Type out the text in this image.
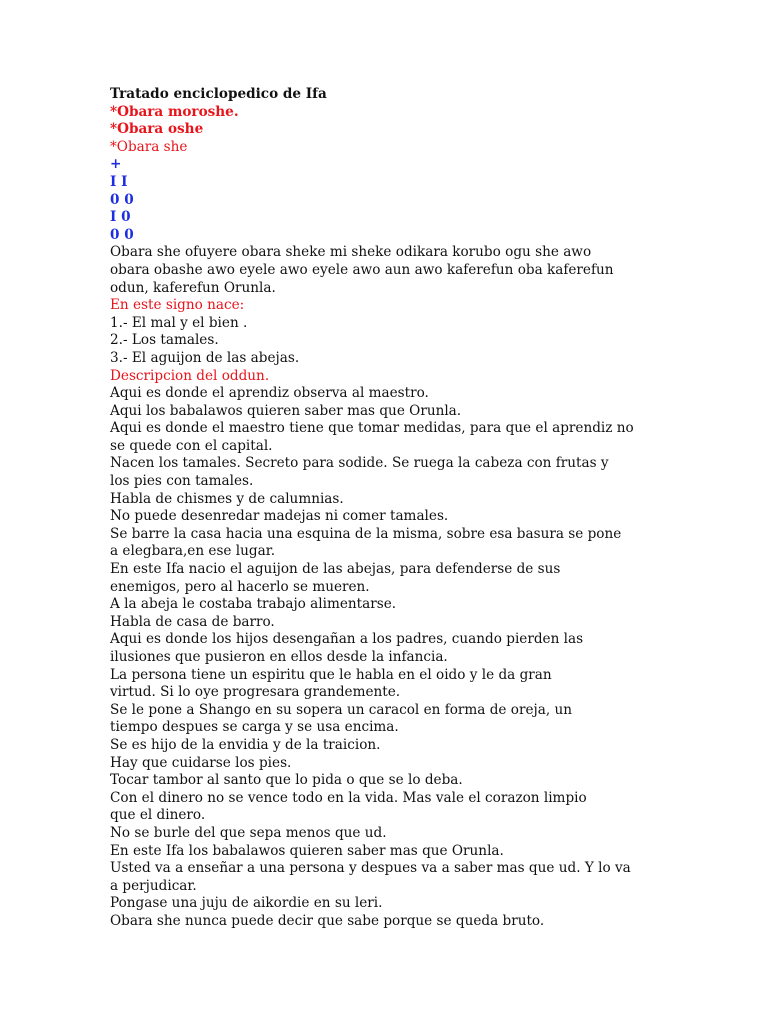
Tratado enciclopedico de Ifa
*Obara moroshe.
*Obara oshe
*Obara she
+
I I
0 0
I 0
0 0
Obara she ofuyere obara sheke mi sheke odikara korubo ogu she awo
obara obashe awo eyele awo eyele awo aun awo kaferefun oba kaferefun
odun, kaferefun Orunla.
En este signo nace:
1.- El mal y el bien .
2.- Los tamales.
3.- El aguijon de las abejas.
Descripcion del oddun.
Aqui es donde el aprendiz observa al maestro.
Aqui los babalawos quieren saber mas que Orunla.
Aqui es donde el maestro tiene que tomar medidas, para que el aprendiz no
se quede con el capital.
Nacen los tamales. Secreto para sodide. Se ruega la cabeza con frutas y
los pies con tamales.
Habla de chismes y de calumnias.
No puede desenredar madejas ni comer tamales.
Se barre la casa hacia una esquina de la misma, sobre esa basura se pone
a elegbara,en ese lugar.
En este Ifa nacio el aguijon de las abejas, para defenderse de sus
enemigos, pero al hacerlo se mueren.
A la abeja le costaba trabajo alimentarse.
Habla de casa de barro.
Aqui es donde los hijos desengañan a los padres, cuando pierden las
ilusiones que pusieron en ellos desde la infancia.
La persona tiene un espiritu que le habla en el oido y le da gran
virtud. Si lo oye progresara grandemente.
Se le pone a Shango en su sopera un caracol en forma de oreja, un
tiempo despues se carga y se usa encima.
Se es hijo de la envidia y de la traicion.
Hay que cuidarse los pies.
Tocar tambor al santo que lo pida o que se lo deba.
Con el dinero no se vence todo en la vida. Mas vale el corazon limpio
que el dinero.
No se burle del que sepa menos que ud.
En este Ifa los babalawos quieren saber mas que Orunla.
Usted va a enseñar a una persona y despues va a saber mas que ud. Y lo va
a perjudicar.
Pongase una juju de aikordie en su leri.
Obara she nunca puede decir que sabe porque se queda bruto.
